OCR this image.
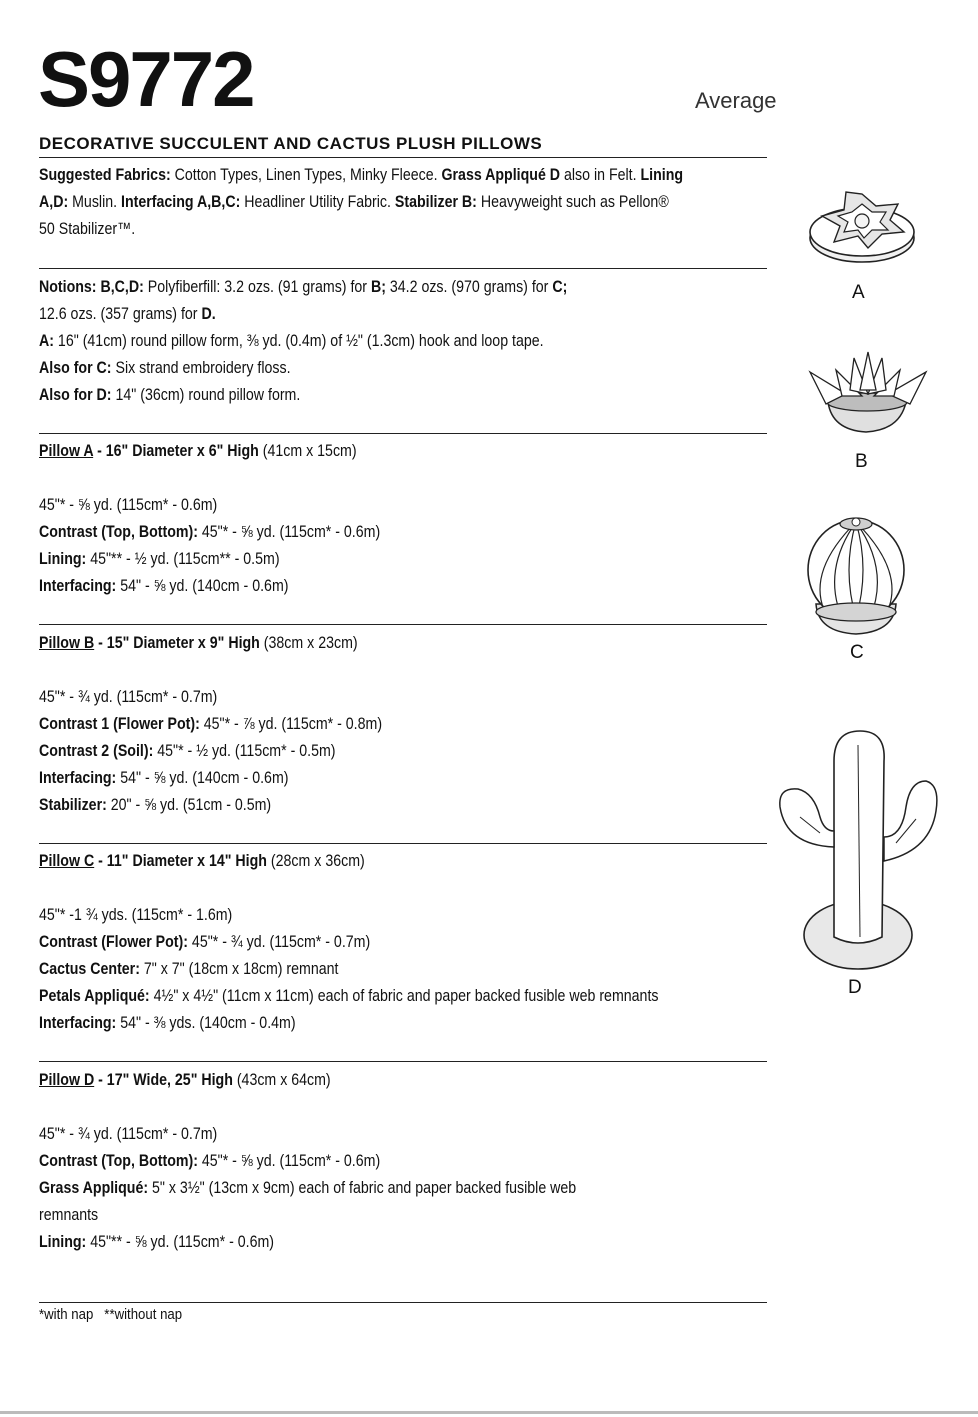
S9772	Average
DECORATIVE SUCCULENT AND CACTUS PLUSH PILLOWS
Suggested Fabrics: Cotton Types, Linen Types, Minky Fleece. Grass Appliqué D also in Felt. Lining
A,D: Muslin. Interfacing A,B,C: Headliner Utility Fabric. Stabilizer B: Heavyweight such as Pellon®
50 Stabilizer™.
Notions: B,C,D: Polyfiberfill: 3.2 ozs. (91 grams) for B; 34.2 ozs. (970 grams) for C;
12.6 ozs. (357 grams) for D.
A: 16" (41cm) round pillow form, ⅜ yd. (0.4m) of ½" (1.3cm) hook and loop tape.
Also for C: Six strand embroidery floss.
Also for D: 14" (36cm) round pillow form.
Pillow A - 16" Diameter x 6" High (41cm x 15cm)

45"* - ⅝ yd. (115cm* - 0.6m)
Contrast (Top, Bottom): 45"* - ⅝ yd. (115cm* - 0.6m)
Lining: 45"** - ½ yd. (115cm** - 0.5m)
Interfacing: 54" - ⅝ yd. (140cm - 0.6m)
Pillow B - 15" Diameter x 9" High (38cm x 23cm)

45"* - ¾ yd. (115cm* - 0.7m)
Contrast 1 (Flower Pot): 45"* - ⅞ yd. (115cm* - 0.8m)
Contrast 2 (Soil): 45"* - ½ yd. (115cm* - 0.5m)
Interfacing: 54" - ⅝ yd. (140cm - 0.6m)
Stabilizer: 20" - ⅝ yd. (51cm - 0.5m)
Pillow C - 11" Diameter x 14" High (28cm x 36cm)

45"* -1 ¾ yds. (115cm* - 1.6m)
Contrast (Flower Pot): 45"* - ¾ yd. (115cm* - 0.7m)
Cactus Center: 7" x 7" (18cm x 18cm) remnant
Petals Appliqué: 4½" x 4½" (11cm x 11cm) each of fabric and paper backed fusible web remnants
Interfacing: 54" - ⅜ yds. (140cm - 0.4m)
Pillow D - 17" Wide, 25" High (43cm x 64cm)

45"* - ¾ yd. (115cm* - 0.7m)
Contrast (Top, Bottom): 45"* - ⅝ yd. (115cm* - 0.6m)
Grass Appliqué: 5" x 3½" (13cm x 9cm) each of fabric and paper backed fusible web
remnants
Lining: 45"** - ⅝ yd. (115cm* - 0.6m)
*with nap   **without nap
A
B
C
D
